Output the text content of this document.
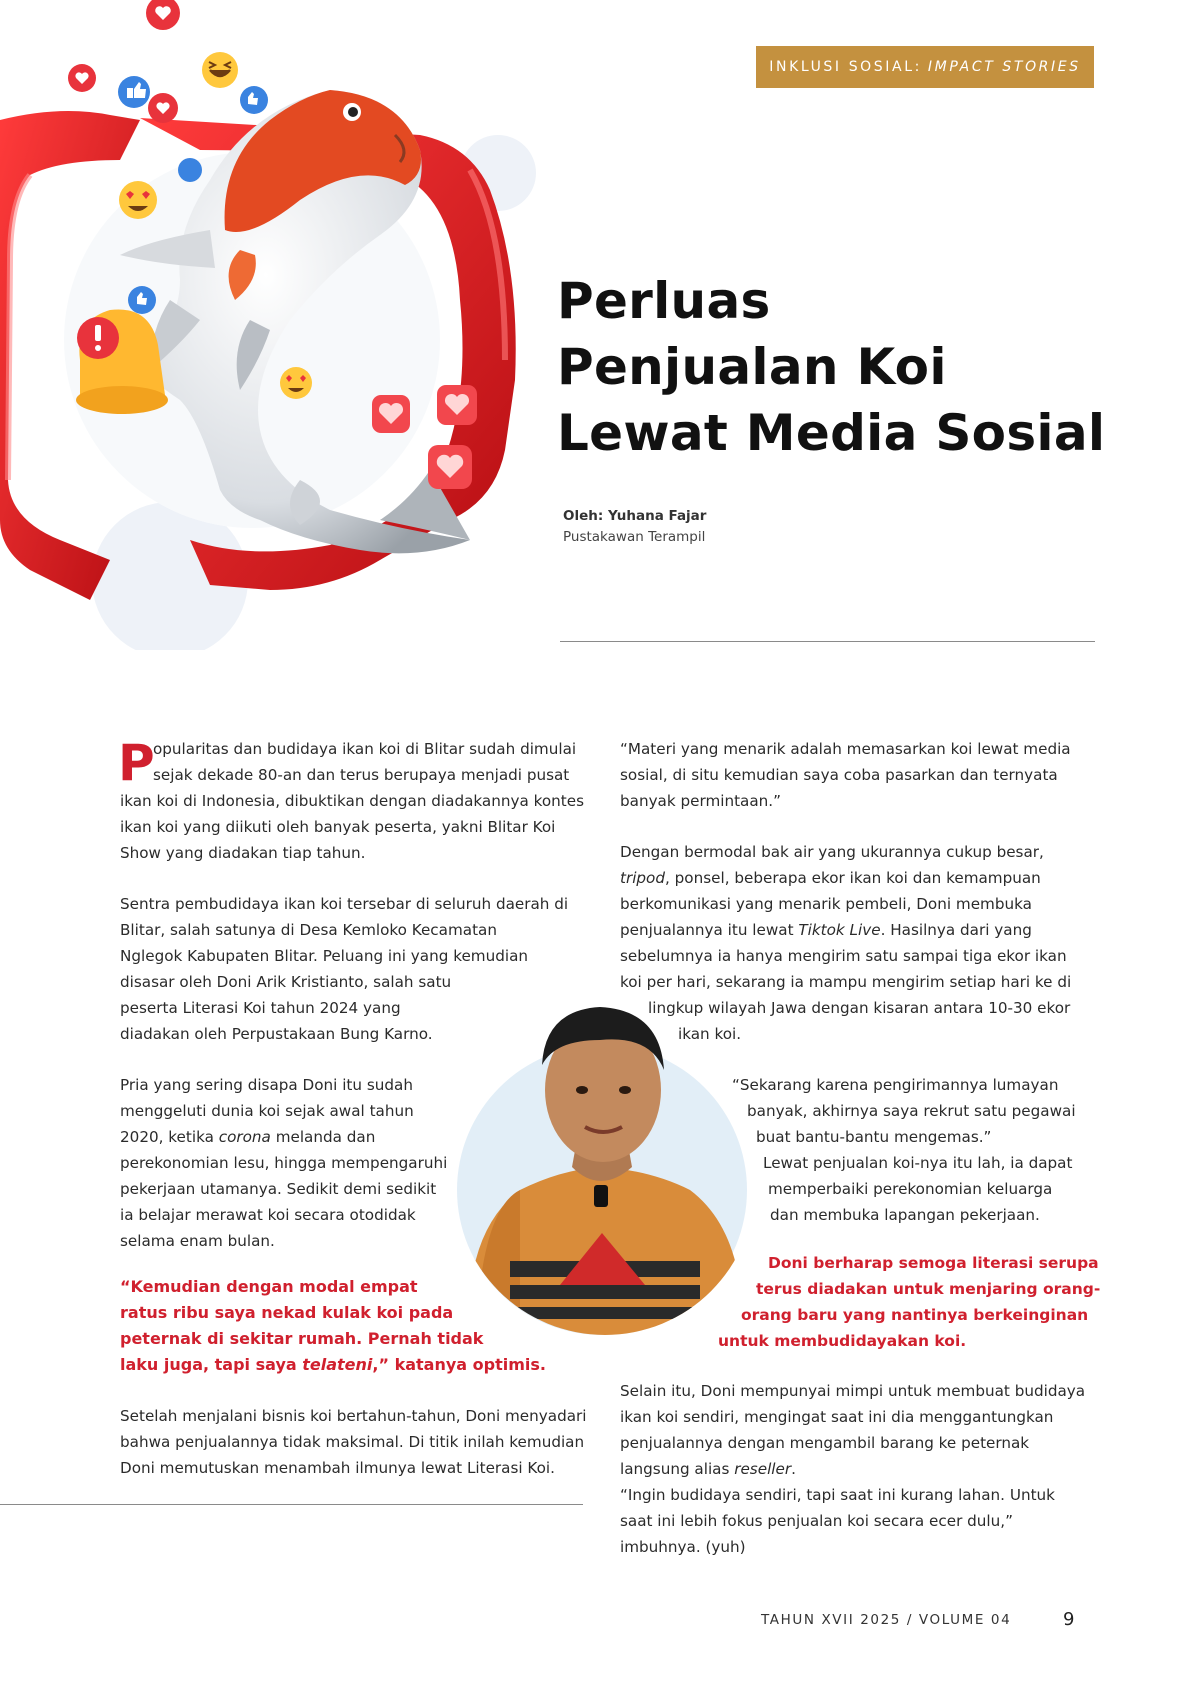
INKLUSI SOSIAL: IMPACT STORIES
Perluas
Penjualan Koi
Lewat Media Sosial
Oleh: Yuhana Fajar
Pustakawan Terampil
P
opularitas dan budidaya ikan koi di Blitar sudah dimulai
sejak dekade 80-an dan terus berupaya menjadi pusat
ikan koi di Indonesia, dibuktikan dengan diadakannya kontes
ikan koi yang diikuti oleh banyak peserta, yakni Blitar Koi
Show yang diadakan tiap tahun.
Sentra pembudidaya ikan koi tersebar di seluruh daerah di
Blitar, salah satunya di Desa Kemloko Kecamatan
Nglegok Kabupaten Blitar. Peluang ini yang kemudian
disasar oleh Doni Arik Kristianto, salah satu
peserta Literasi Koi tahun 2024 yang
diadakan oleh Perpustakaan Bung Karno.
Pria yang sering disapa Doni itu sudah
menggeluti dunia koi sejak awal tahun
2020, ketika corona melanda dan
perekonomian lesu, hingga mempengaruhi
pekerjaan utamanya. Sedikit demi sedikit
ia belajar merawat koi secara otodidak
selama enam bulan.
“Kemudian dengan modal empat
ratus ribu saya nekad kulak koi pada
peternak di sekitar rumah. Pernah tidak
laku juga, tapi saya telateni,” katanya optimis.
Setelah menjalani bisnis koi bertahun-tahun, Doni menyadari
bahwa penjualannya tidak maksimal. Di titik inilah kemudian
Doni memutuskan menambah ilmunya lewat Literasi Koi.
“Materi yang menarik adalah memasarkan koi lewat media
sosial, di situ kemudian saya coba pasarkan dan ternyata
banyak permintaan.”
Dengan bermodal bak air yang ukurannya cukup besar,
tripod, ponsel, beberapa ekor ikan koi dan kemampuan
berkomunikasi yang menarik pembeli, Doni membuka
penjualannya itu lewat Tiktok Live. Hasilnya dari yang
sebelumnya ia hanya mengirim satu sampai tiga ekor ikan
koi per hari, sekarang ia mampu mengirim setiap hari ke di
lingkup wilayah Jawa dengan kisaran antara 10-30 ekor
ikan koi.
“Sekarang karena pengirimannya lumayan
banyak, akhirnya saya rekrut satu pegawai
buat bantu-bantu mengemas.”
Lewat penjualan koi-nya itu lah, ia dapat
memperbaiki perekonomian keluarga
dan membuka lapangan pekerjaan.
Doni berharap semoga literasi serupa
terus diadakan untuk menjaring orang-
orang baru yang nantinya berkeinginan
untuk membudidayakan koi.
Selain itu, Doni mempunyai mimpi untuk membuat budidaya
ikan koi sendiri, mengingat saat ini dia menggantungkan
penjualannya dengan mengambil barang ke peternak
langsung alias reseller.
“Ingin budidaya sendiri, tapi saat ini kurang lahan. Untuk
saat ini lebih fokus penjualan koi secara ecer dulu,”
imbuhnya. (yuh)
TAHUN XVII 2025 / VOLUME 04	9
